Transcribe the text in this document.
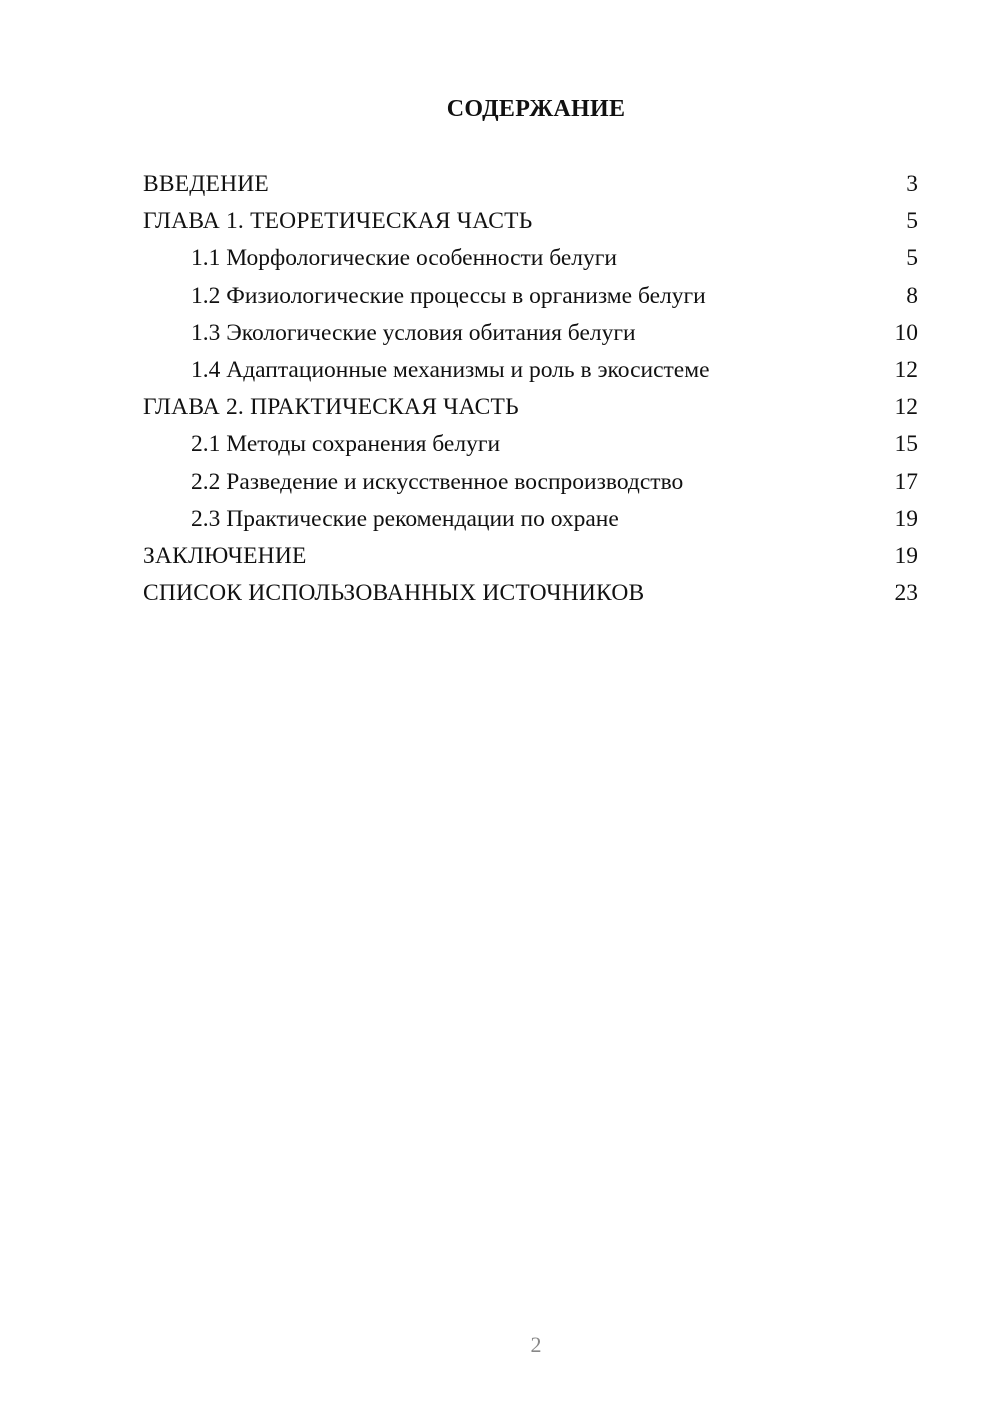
СОДЕРЖАНИЕ
ВВЕДЕНИЕ	3
ГЛАВА 1. ТЕОРЕТИЧЕСКАЯ ЧАСТЬ	5
1.1 Морфологические особенности белуги	5
1.2 Физиологические процессы в организме белуги	8
1.3 Экологические условия обитания белуги	10
1.4 Адаптационные механизмы и роль в экосистеме	12
ГЛАВА 2. ПРАКТИЧЕСКАЯ ЧАСТЬ	12
2.1 Методы сохранения белуги	15
2.2 Разведение и искусственное воспроизводство	17
2.3 Практические рекомендации по охране	19
ЗАКЛЮЧЕНИЕ	19
СПИСОК ИСПОЛЬЗОВАННЫХ ИСТОЧНИКОВ	23
2
